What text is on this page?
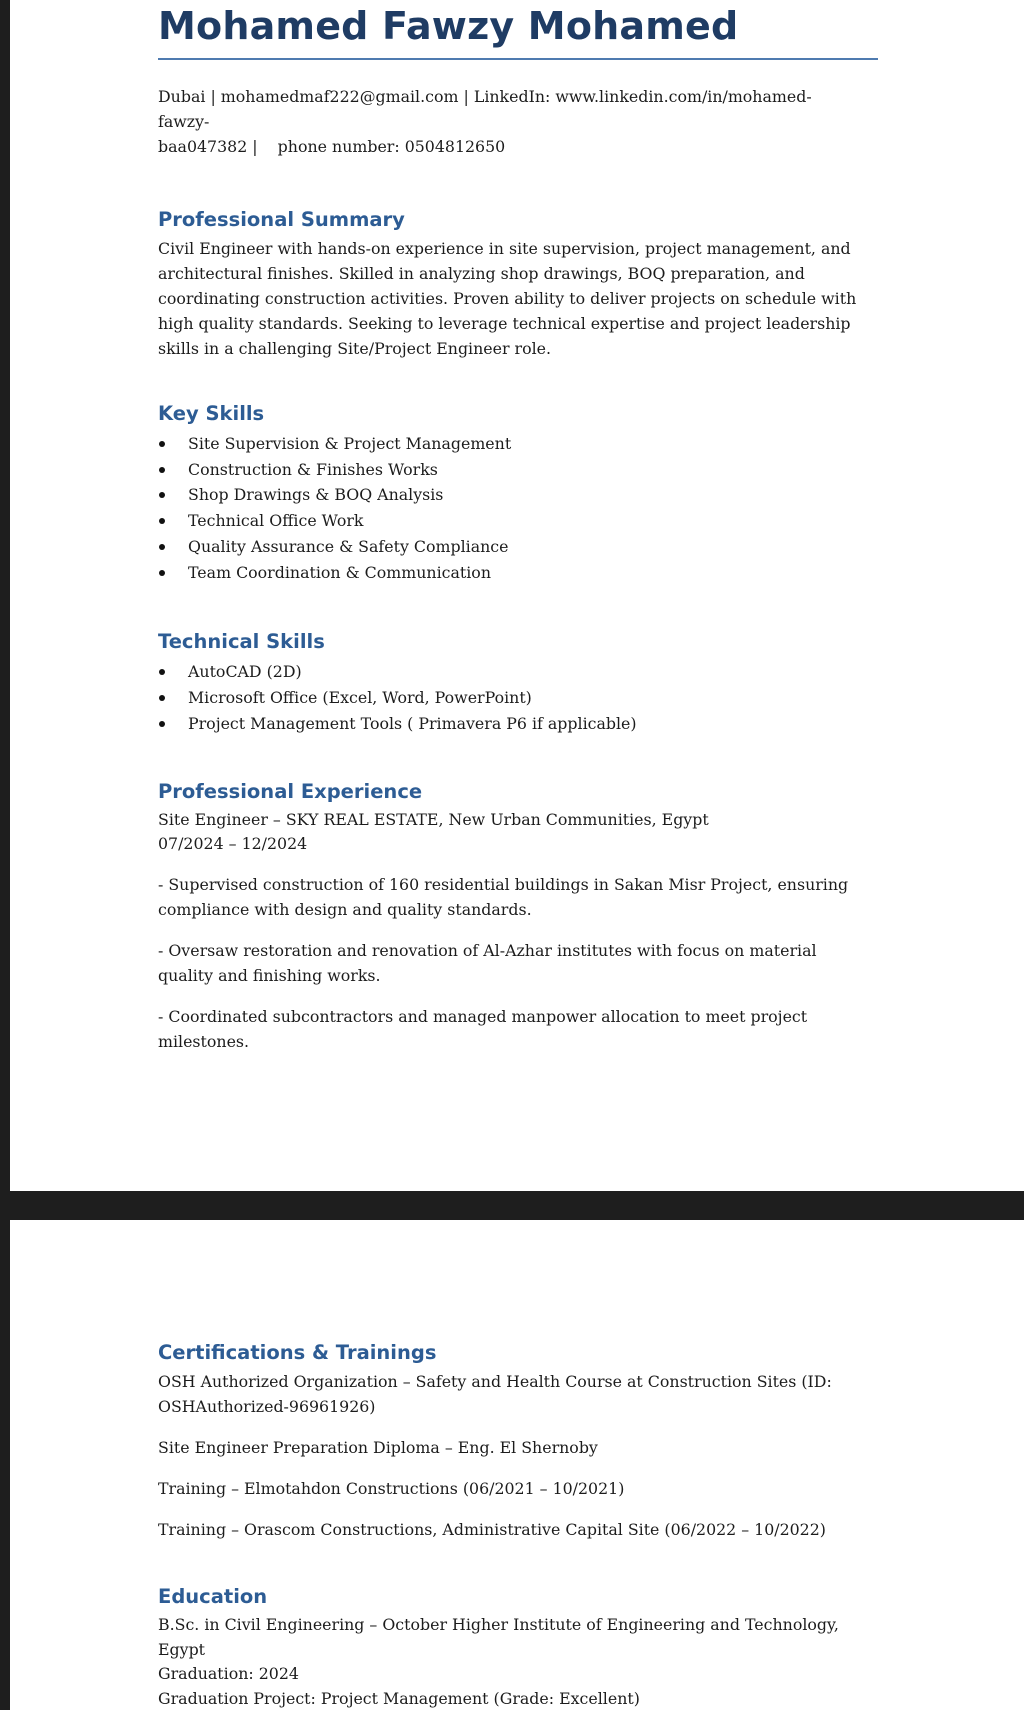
Mohamed Fawzy Mohamed
Dubai | mohamedmaf222@gmail.com | LinkedIn: www.linkedin.com/in/mohamed-fawzy-
baa047382 |    phone number: 0504812650
Professional Summary

Civil Engineer with hands-on experience in site supervision, project management, and architectural finishes. Skilled in analyzing shop drawings, BOQ preparation, and coordinating construction activities. Proven ability to deliver projects on schedule with high quality standards. Seeking to leverage technical expertise and project leadership skills in a challenging Site/Project Engineer role.

Key Skills
Site Supervision & Project Management
Construction & Finishes Works
Shop Drawings & BOQ Analysis
Technical Office Work
Quality Assurance & Safety Compliance
Team Coordination & Communication
Technical Skills
AutoCAD (2D)
Microsoft Office (Excel, Word, PowerPoint)
Project Management Tools ( Primavera P6 if applicable)
Professional Experience

Site Engineer – SKY REAL ESTATE, New Urban Communities, Egypt

07/2024 – 12/2024

- Supervised construction of 160 residential buildings in Sakan Misr Project, ensuring compliance with design and quality standards.
- Oversaw restoration and renovation of Al-Azhar institutes with focus on material quality and finishing works.
- Coordinated subcontractors and managed manpower allocation to meet project milestones.
Certifications & Trainings
OSH Authorized Organization – Safety and Health Course at Construction Sites (ID: OSHAuthorized-96961926)
Site Engineer Preparation Diploma – Eng. El Shernoby
Training – Elmotahdon Constructions (06/2021 – 10/2021)
Training – Orascom Constructions, Administrative Capital Site (06/2022 – 10/2022)
Education

B.Sc. in Civil Engineering – October Higher Institute of Engineering and Technology, Egypt

Graduation: 2024

Graduation Project: Project Management (Grade: Excellent)
